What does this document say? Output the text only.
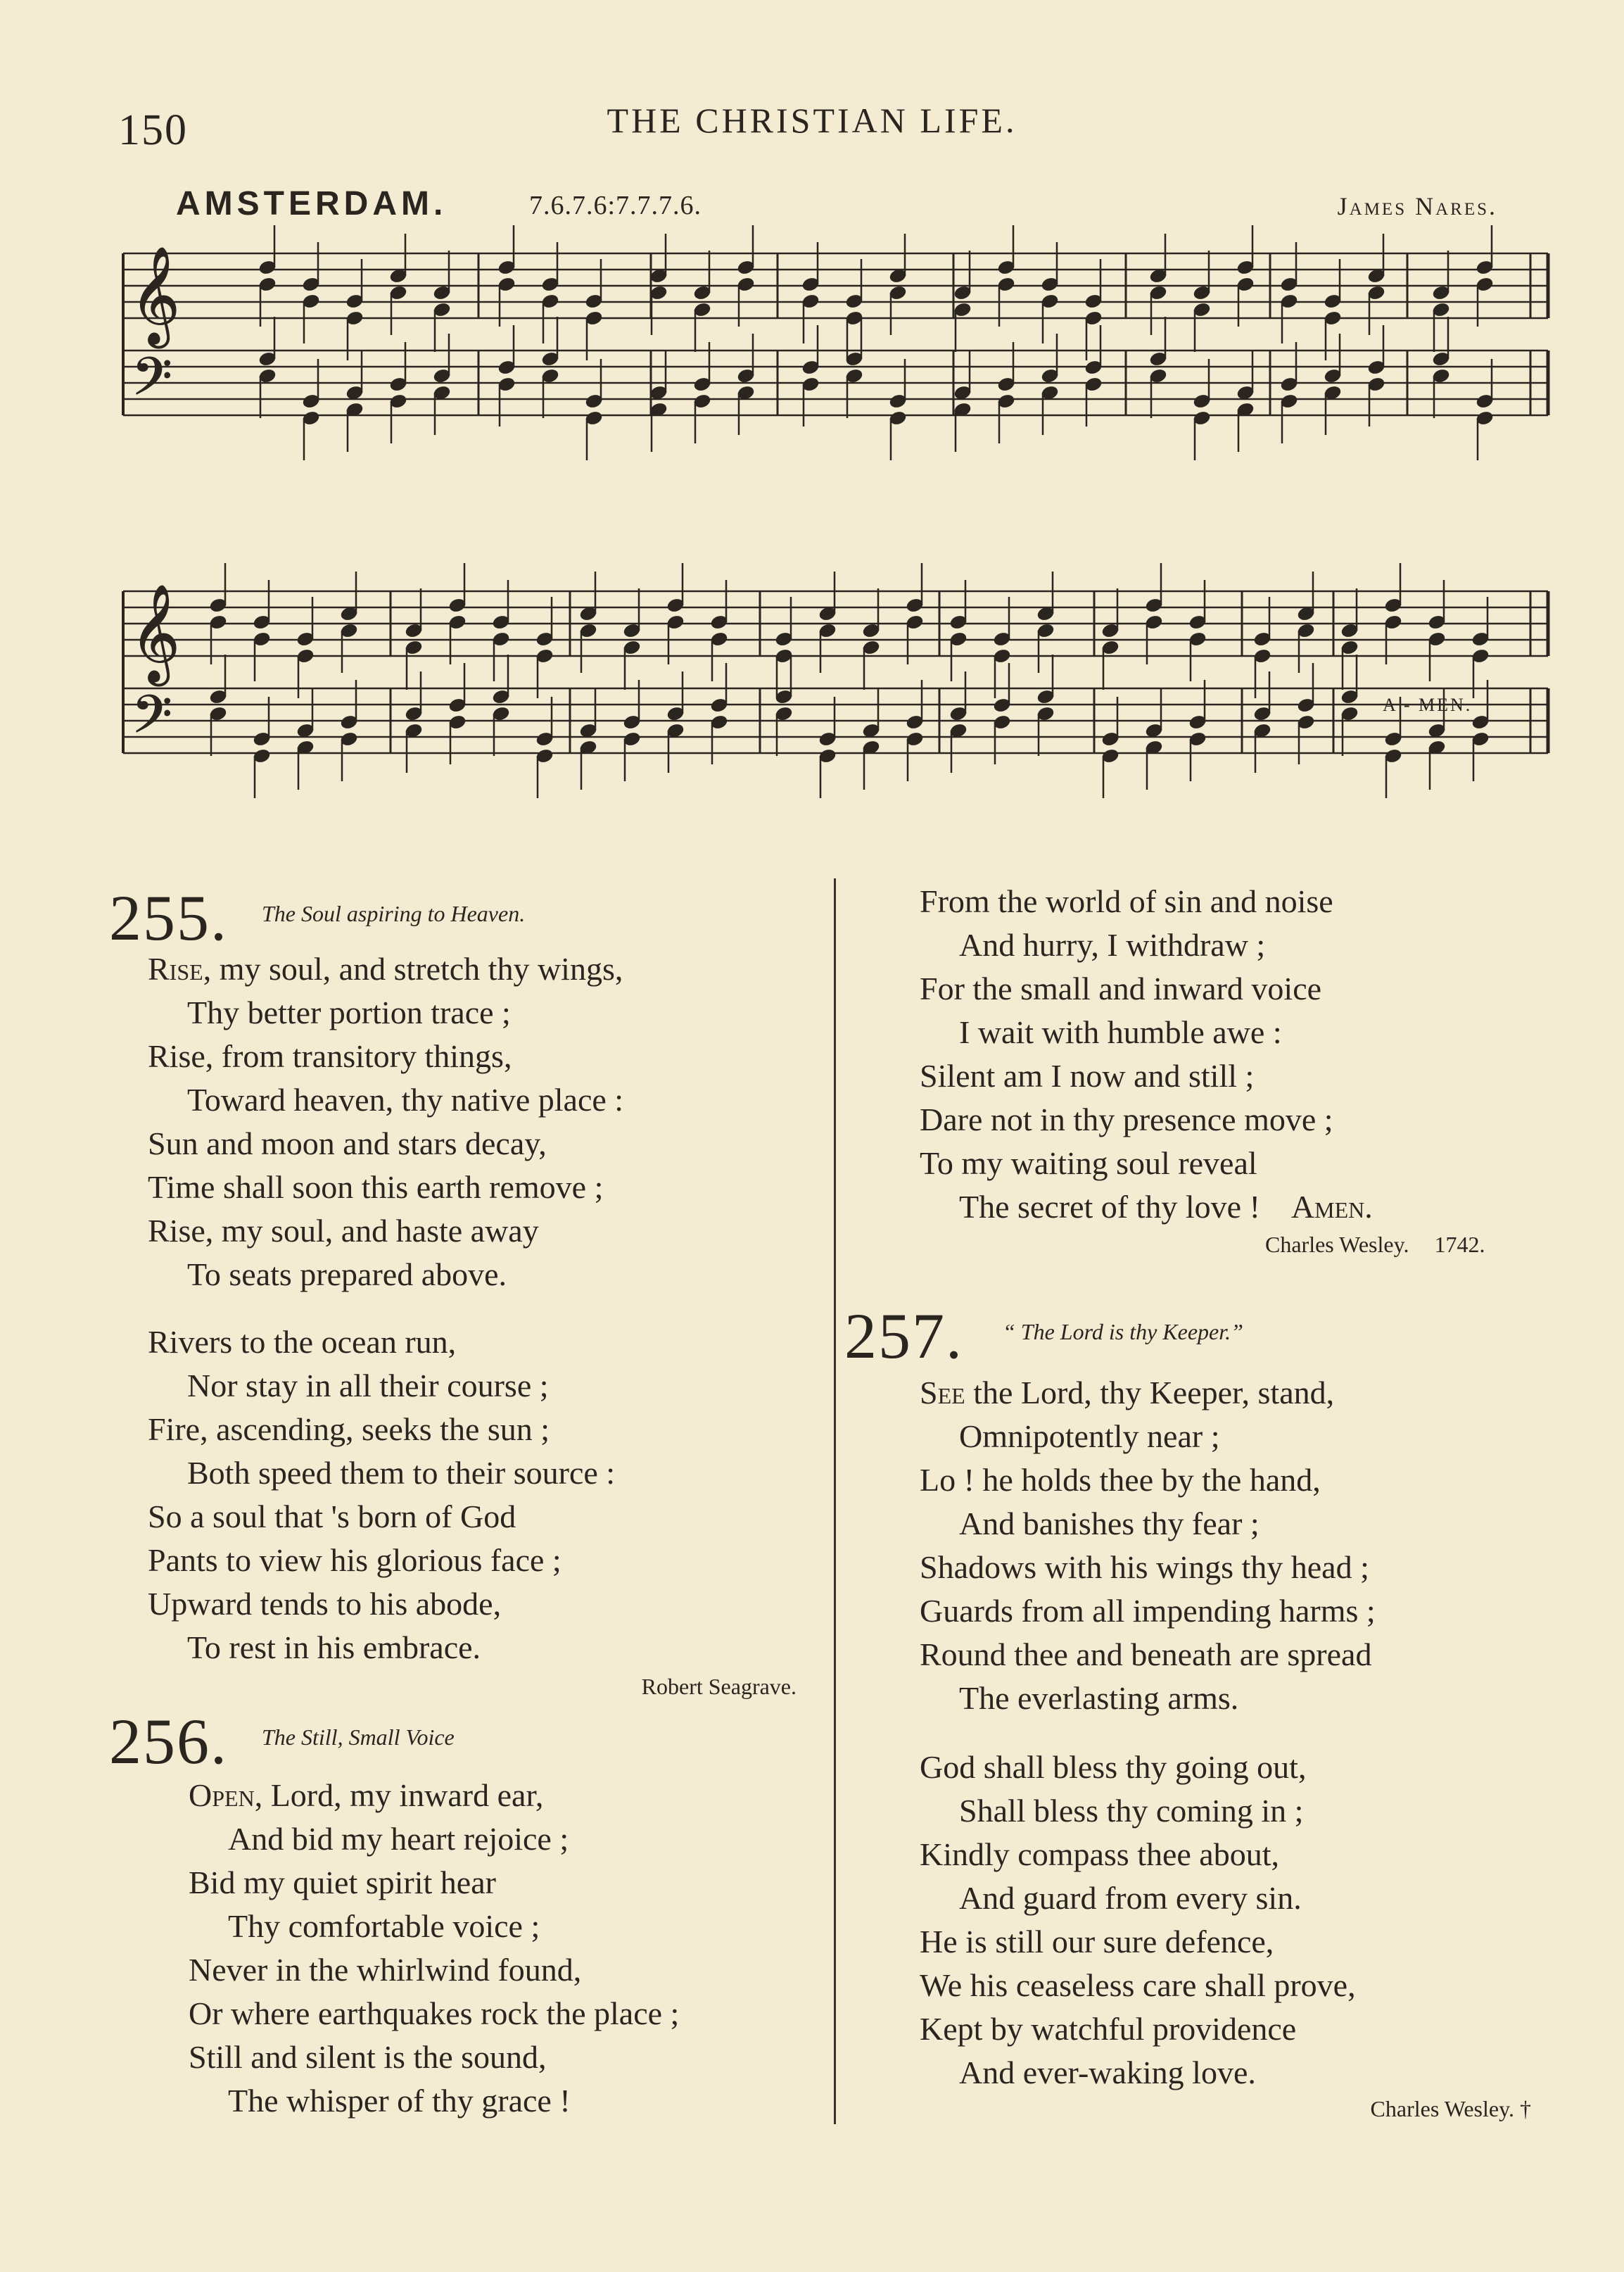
150	THE CHRISTIAN LIFE.
AMSTERDAM.	7.6.7.6:7.7.7.6.	James Nares.
𝄞
𝄢
𝄞
𝄢	A - MEN.
255. The Soul aspiring to Heaven.
Rise, my soul, and stretch thy wings,
Thy better portion trace ;
Rise, from transitory things,
Toward heaven, thy native place :
Sun and moon and stars decay,
Time shall soon this earth remove ;
Rise, my soul, and haste away
To seats prepared above.
Rivers to the ocean run,
Nor stay in all their course ;
Fire, ascending, seeks the sun ;
Both speed them to their source :
So a soul that 's born of God
Pants to view his glorious face ;
Upward tends to his abode,
To rest in his embrace.
Robert Seagrave.
256. The Still, Small Voice
Open, Lord, my inward ear,
And bid my heart rejoice ;
Bid my quiet spirit hear
Thy comfortable voice ;
Never in the whirlwind found,
Or where earthquakes rock the place ;
Still and silent is the sound,
The whisper of thy grace !
From the world of sin and noise
And hurry, I withdraw ;
For the small and inward voice
I wait with humble awe :
Silent am I now and still ;
Dare not in thy presence move ;
To my waiting soul reveal
The secret of thy love ! Amen.
Charles Wesley. 1742.
257. “ The Lord is thy Keeper.”
See the Lord, thy Keeper, stand,
Omnipotently near ;
Lo ! he holds thee by the hand,
And banishes thy fear ;
Shadows with his wings thy head ;
Guards from all impending harms ;
Round thee and beneath are spread
The everlasting arms.
God shall bless thy going out,
Shall bless thy coming in ;
Kindly compass thee about,
And guard from every sin.
He is still our sure defence,
We his ceaseless care shall prove,
Kept by watchful providence
And ever-waking love.
Charles Wesley. †
